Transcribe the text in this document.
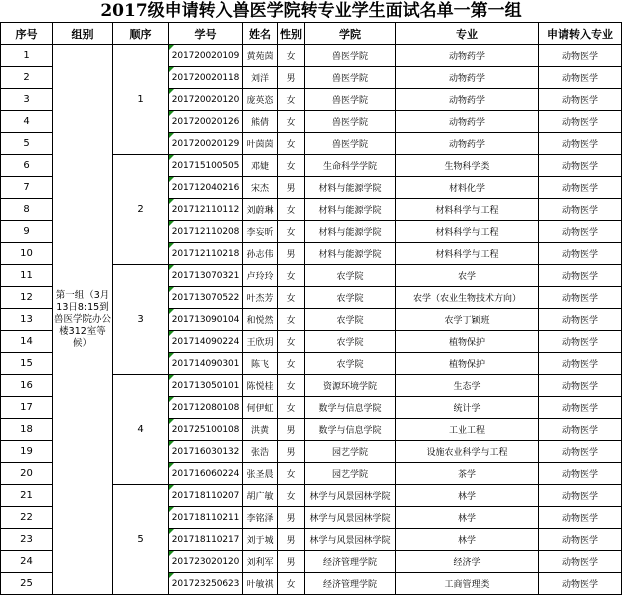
2017级申请转入兽医学院转专业学生面试名单一第一组
序号	组别	顺序	学号	姓名	性别	学院	专业	申请转入专业
1	第一组（3月13日8:15到兽医学院办公楼312室等候）	1	201720020109	黄苑茵	女	兽医学院	动物药学	动物医学
2			201720020118	刘洋	男	兽医学院	动物药学	动物医学
3			201720020120	庞英恣	女	兽医学院	动物药学	动物医学
4			201720020126	熊倩	女	兽医学院	动物药学	动物医学
5			201720020129	叶茵茵	女	兽医学院	动物药学	动物医学
6		2	201715100505	邓婕	女	生命科学学院	生物科学类	动物医学
7			201712040216	宋杰	男	材料与能源学院	材料化学	动物医学
8			201712110112	刘蔚琳	女	材料与能源学院	材料科学与工程	动物医学
9			201712110208	李妄昕	女	材料与能源学院	材料科学与工程	动物医学
10			201712110218	孙志伟	男	材料与能源学院	材料科学与工程	动物医学
11		3	201713070321	卢玲玲	女	农学院	农学	动物医学
12			201713070522	叶杰芳	女	农学院	农学（农业生物技术方向）	动物医学
13			201713090104	和悦然	女	农学院	农学丁颖班	动物医学
14			201714090224	王欣玥	女	农学院	植物保护	动物医学
15			201714090301	陈飞	女	农学院	植物保护	动物医学
16		4	201713050101	陈悦桂	女	资源环境学院	生态学	动物医学
17			201712080108	何伊虹	女	数学与信息学院	统计学	动物医学
18			201725100108	洪黄	男	数学与信息学院	工业工程	动物医学
19			201716030132	张浩	男	园艺学院	设施农业科学与工程	动物医学
20			201716060224	张圣晨	女	园艺学院	茶学	动物医学
21		5	201718110207	胡广敏	女	林学与风景园林学院	林学	动物医学
22			201718110211	李铭泽	男	林学与风景园林学院	林学	动物医学
23			201718110217	刘于城	男	林学与风景园林学院	林学	动物医学
24			201723020120	刘利军	男	经济管理学院	经济学	动物医学
25			201723250623	叶敏祺	女	经济管理学院	工商管理类	动物医学
